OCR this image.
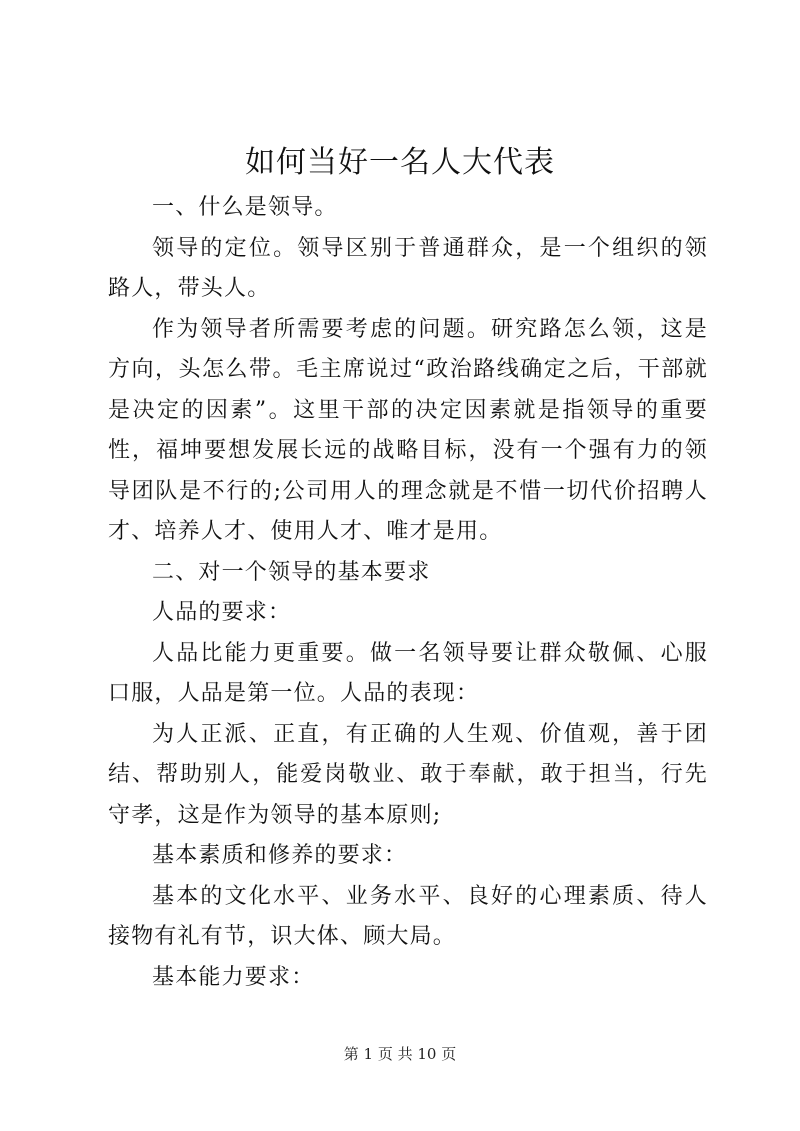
如何当好一名人大代表

一、什么是领导。

领导的定位。领导区别于普通群众，是一个组织的领路人，带头人。

作为领导者所需要考虑的问题。研究路怎么领，这是方向，头怎么带。毛主席说过“政治路线确定之后，干部就是决定的因素”。这里干部的决定因素就是指领导的重要性，福坤要想发展长远的战略目标，没有一个强有力的领导团队是不行的;公司用人的理念就是不惜一切代价招聘人才、培养人才、使用人才、唯才是用。

二、对一个领导的基本要求

人品的要求：

人品比能力更重要。做一名领导要让群众敬佩、心服口服，人品是第一位。人品的表现：

为人正派、正直，有正确的人生观、价值观，善于团结、帮助别人，能爱岗敬业、敢于奉献，敢于担当，行先守孝，这是作为领导的基本原则;

基本素质和修养的要求：

基本的文化水平、业务水平、良好的心理素质、待人接物有礼有节，识大体、顾大局。

基本能力要求：

第 1 页 共 10 页
